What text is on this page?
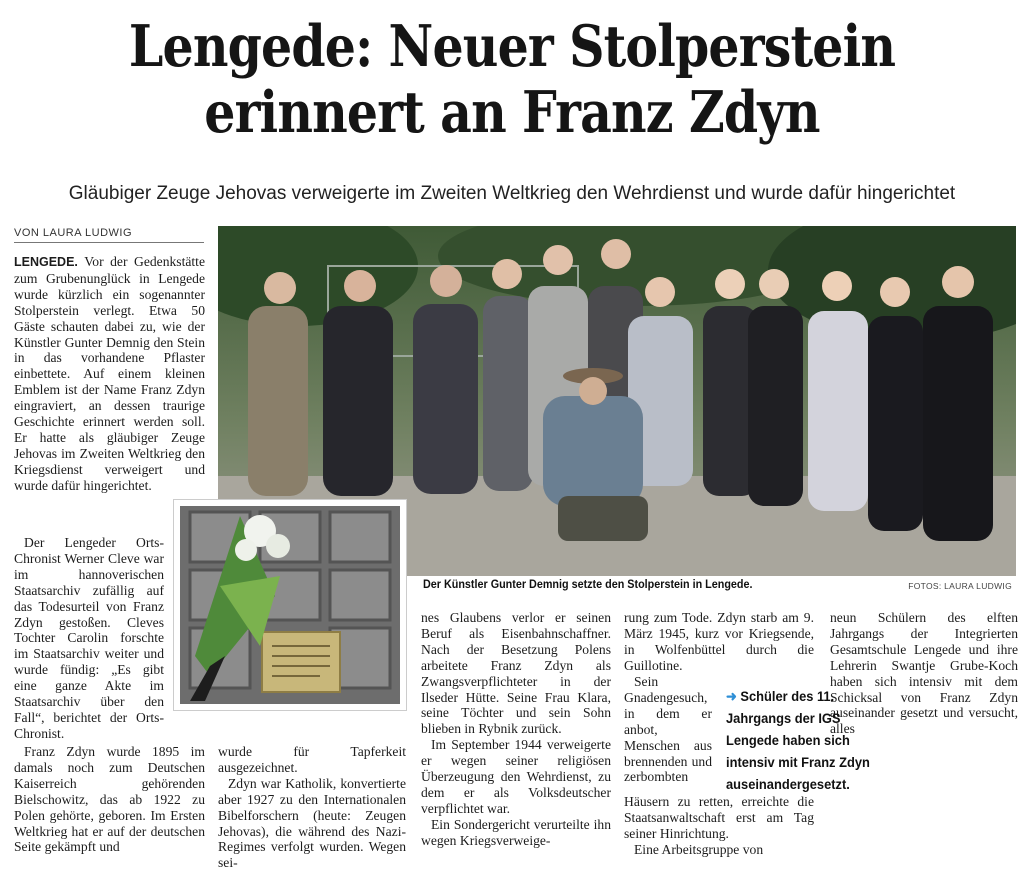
Lengede: Neuer Stolperstein
erinnert an Franz Zdyn
Gläubiger Zeuge Jehovas verweigerte im Zweiten Weltkrieg den Wehrdienst und wurde dafür hingerichtet
VON LAURA LUDWIG

LENGEDE. Vor der Gedenkstätte zum Grubenunglück in Lengede wurde kürzlich ein sogenannter Stolperstein verlegt. Etwa 50 Gäste schauten dabei zu, wie der Künstler Gunter Demnig den Stein in das vorhandene Pflaster einbettete. Auf einem kleinen Emblem ist der Name Franz Zdyn eingraviert, an dessen traurige Geschichte erinnert werden soll. Er hatte als gläubiger Zeuge Jehovas im Zweiten Weltkrieg den Kriegsdienst verweigert und wurde dafür hingerichtet.

Der Lengeder Orts-Chronist Werner Cleve war im hannoverischen Staatsarchiv zufällig auf das Todesurteil von Franz Zdyn gestoßen. Cleves Tochter Carolin forschte im Staatsarchiv weiter und wurde fündig: „Es gibt eine ganze Akte im Staatsarchiv über den Fall“, berichtet der Orts-Chronist.

Franz Zdyn wurde 1895 im damals noch zum Deutschen Kaiserreich gehörenden Bielschowitz, das ab 1922 zu Polen gehörte, geboren. Im Ersten Weltkrieg hat er auf der deutschen Seite gekämpft und

wurde für Tapferkeit ausgezeichnet.

Zdyn war Katholik, konvertierte aber 1927 zu den Internationalen Bibelforschern (heute: Zeugen Jehovas), die während des Nazi-Regimes verfolgt wurden. Wegen sei-

nes Glaubens verlor er seinen Beruf als Eisenbahnschaffner. Nach der Besetzung Polens arbeitete Franz Zdyn als Zwangsverpflichteter in der Ilseder Hütte. Seine Frau Klara, seine Töchter und sein Sohn blieben in Rybnik zurück.

Im September 1944 verweigerte er wegen seiner religiösen Überzeugung den Wehrdienst, zu dem er als Volksdeutscher verpflichtet war.

Ein Sondergericht verurteilte ihn wegen Kriegsverweige-

rung zum Tode. Zdyn starb am 9. März 1945, kurz vor Kriegsende, in Wolfenbüttel durch die Guillotine.

Sein Gnadengesuch, in dem er anbot, Menschen aus brennenden und zerbombten

Häusern zu retten, erreichte die Staatsanwaltschaft erst am Tag seiner Hinrichtung.

Eine Arbeitsgruppe von

neun Schülern des elften Jahrgangs der Integrierten Gesamtschule Lengede und ihre Lehrerin Swantje Grube-Koch haben sich intensiv mit dem Schicksal von Franz Zdyn auseinander gesetzt und versucht, alles

➜ Schüler des 11. Jahrgangs der IGS Lengede haben sich intensiv mit Franz Zdyn auseinandergesetzt.
Der Künstler Gunter Demnig setzte den Stolperstein in Lengede.	FOTOS: LAURA LUDWIG
